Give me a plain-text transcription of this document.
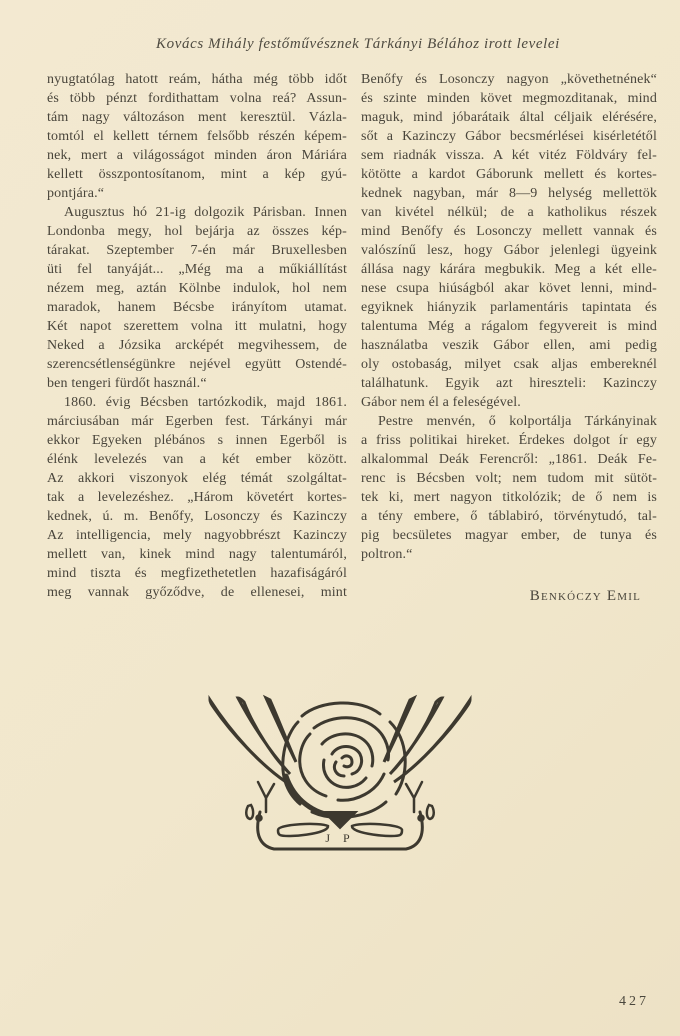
Kovács Mihály festőművésznek Tárkányi Bélához irott levelei
nyugtatólag hatott reám, hátha még több időt
és több pénzt fordithattam volna reá? Assun-
tám nagy változáson ment keresztül. Vázla-
tomtól el kellett térnem felsőbb részén képem-
nek, mert a világosságot minden áron Máriára
kellett összpontosítanom, mint a kép gyú-
pontjára.“
Augusztus hó 21-ig dolgozik Párisban. Innen
Londonba megy, hol bejárja az összes kép-
tárakat. Szeptember 7-én már Bruxellesben
üti fel tanyáját... „Még ma a műkiállítást
nézem meg, aztán Kölnbe indulok, hol nem
maradok, hanem Bécsbe irányítom utamat.
Két napot szerettem volna itt mulatni, hogy
Neked a Józsika arcképét megvihessem, de
szerencsétlenségünkre nejével együtt Ostendé-
ben tengeri fürdőt használ.“
1860. évig Bécsben tartózkodik, majd 1861.
márciusában már Egerben fest. Tárkányi már
ekkor Egyeken plébános s innen Egerből is
élénk levelezés van a két ember között.
Az akkori viszonyok elég témát szolgáltat-
tak a levelezéshez. „Három követért kortes-
kednek, ú. m. Benőfy, Losonczy és Kazinczy
Az intelligencia, mely nagyobbrészt Kazinczy
mellett van, kinek mind nagy talentumáról,
mind tiszta és megfizethetetlen hazafiságáról
meg vannak győződve, de ellenesei, mint
Benőfy és Losonczy nagyon „követhetnének“
és szinte minden követ megmozditanak, mind
maguk, mind jóbarátaik által céljaik elérésére,
sőt a Kazinczy Gábor becsmérlései kisérletétől
sem riadnák vissza. A két vitéz Földváry fel-
kötötte a kardot Gáborunk mellett és kortes-
kednek nagyban, már 8—9 helység mellettök
van kivétel nélkül; de a katholikus részek
mind Benőfy és Losonczy mellett vannak és
valószínű lesz, hogy Gábor jelenlegi ügyeink
állása nagy kárára megbukik. Meg a két elle-
nese csupa hiúságból akar követ lenni, mind-
egyiknek hiányzik parlamentáris tapintata és
talentuma Még a rágalom fegyvereit is mind
használatba veszik Gábor ellen, ami pedig
oly ostobaság, milyet csak aljas embereknél
találhatunk. Egyik azt hireszteli: Kazinczy
Gábor nem él a feleségével.
Pestre menvén, ő kolportálja Tárkányinak
a friss politikai hireket. Érdekes dolgot ír egy
alkalommal Deák Ferencről: „1861. Deák Fe-
renc is Bécsben volt; nem tudom mit sütöt-
tek ki, mert nagyon titkolózik; de ő nem is
a tény embere, ő táblabiró, törvénytudó, tal-
pig becsületes magyar ember, de tunya és
poltron.“
Benkóczy Emil
J P
427
